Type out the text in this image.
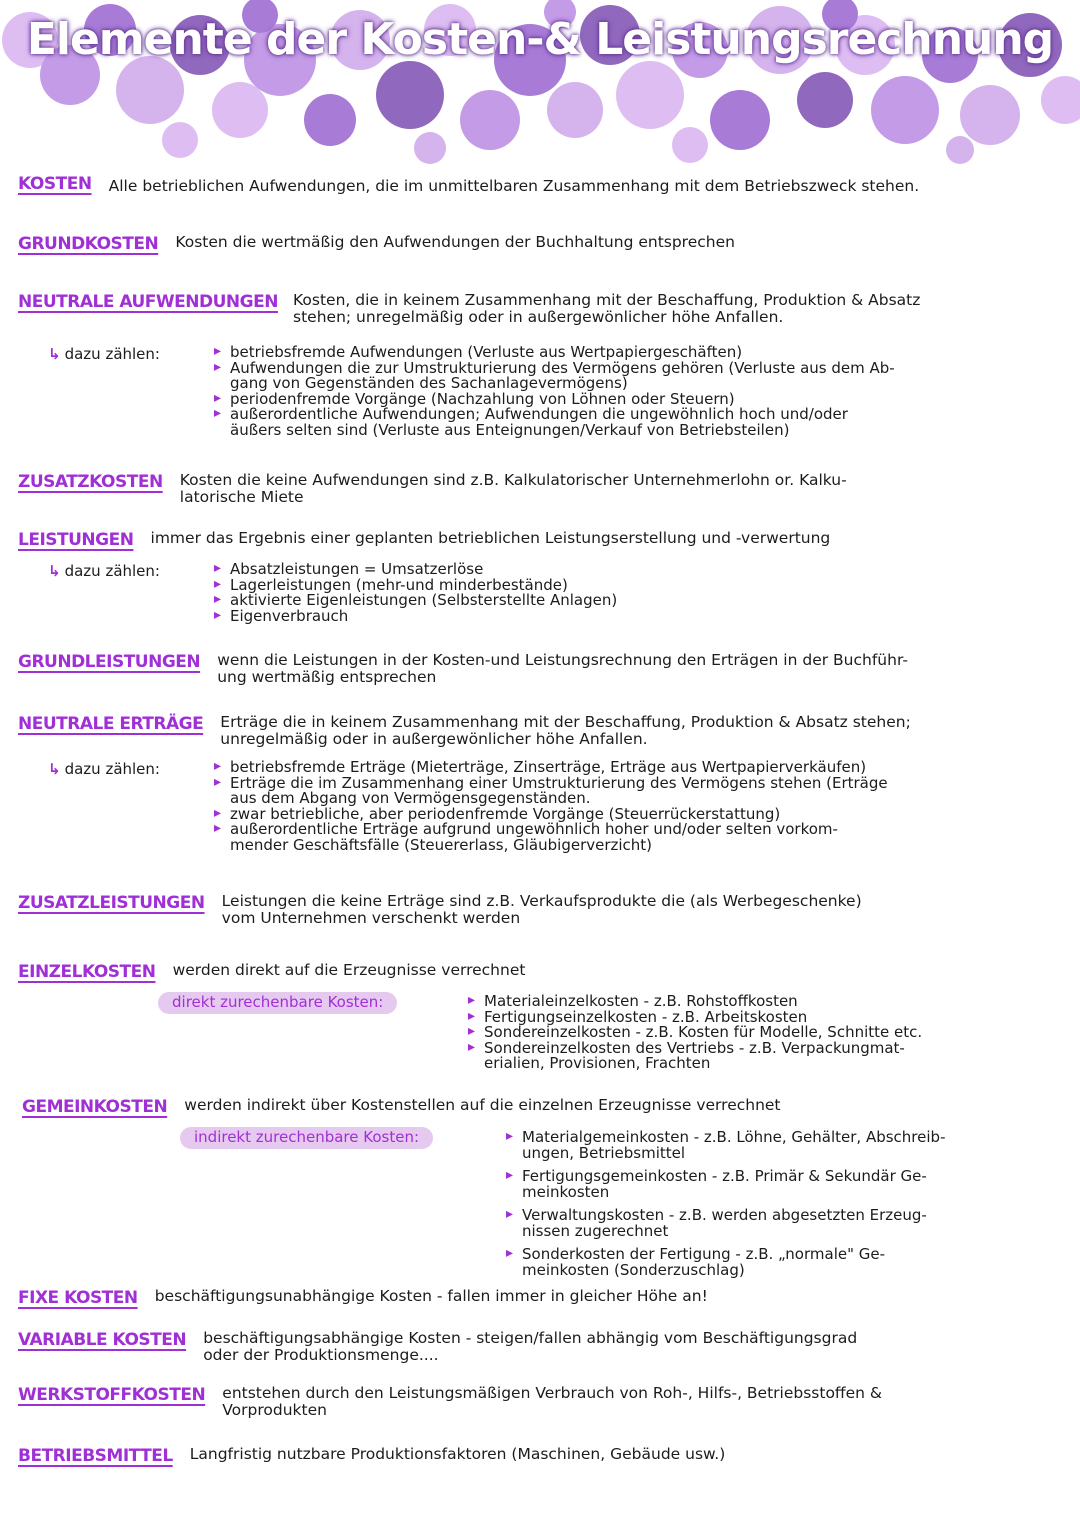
Elemente der Kosten-& Leistungsrechnung
KOSTEN Alle betrieblichen Aufwendungen, die im unmittelbaren Zusammenhang mit dem Betriebszweck stehen.
GRUNDKOSTEN Kosten die wertmäßig den Aufwendungen der Buchhaltung entsprechen
NEUTRALE AUFWENDUNGEN Kosten, die in keinem Zusammenhang mit der Beschaffung, Produktion & Absatz
stehen; unregelmäßig oder in außergewönlicher höhe Anfallen.
↳ dazu zählen:	▸ betriebsfremde Aufwendungen (Verluste aus Wertpapiergeschäften)
▸ Aufwendungen die zur Umstrukturierung des Vermögens gehören (Verluste aus dem Ab-
gang von Gegenständen des Sachanlagevermögens)
▸ periodenfremde Vorgänge (Nachzahlung von Löhnen oder Steuern)
▸ außerordentliche Aufwendungen; Aufwendungen die ungewöhnlich hoch und/oder
äußers selten sind (Verluste aus Enteignungen/Verkauf von Betriebsteilen)
ZUSATZKOSTEN Kosten die keine Aufwendungen sind z.B. Kalkulatorischer Unternehmerlohn or. Kalku-
latorische Miete
LEISTUNGEN immer das Ergebnis einer geplanten betrieblichen Leistungserstellung und -verwertung
↳ dazu zählen:	▸ Absatzleistungen = Umsatzerlöse
▸ Lagerleistungen (mehr-und minderbestände)
▸ aktivierte Eigenleistungen (Selbsterstellte Anlagen)
▸ Eigenverbrauch
GRUNDLEISTUNGEN wenn die Leistungen in der Kosten-und Leistungsrechnung den Erträgen in der Buchführ-
ung wertmäßig entsprechen
NEUTRALE ERTRÄGE Erträge die in keinem Zusammenhang mit der Beschaffung, Produktion & Absatz stehen;
unregelmäßig oder in außergewönlicher höhe Anfallen.
↳ dazu zählen:	▸ betriebsfremde Erträge (Mieterträge, Zinserträge, Erträge aus Wertpapierverkäufen)
▸ Erträge die im Zusammenhang einer Umstrukturierung des Vermögens stehen (Erträge
aus dem Abgang von Vermögensgegenständen.
▸ zwar betriebliche, aber periodenfremde Vorgänge (Steuerrückerstattung)
▸ außerordentliche Erträge aufgrund ungewöhnlich hoher und/oder selten vorkom-
mender Geschäftsfälle (Steuererlass, Gläubigerverzicht)
ZUSATZLEISTUNGEN Leistungen die keine Erträge sind z.B. Verkaufsprodukte die (als Werbegeschenke)
vom Unternehmen verschenkt werden
EINZELKOSTEN werden direkt auf die Erzeugnisse verrechnet
direkt zurechenbare Kosten:	▸ Materialeinzelkosten - z.B. Rohstoffkosten
▸ Fertigungseinzelkosten - z.B. Arbeitskosten
▸ Sondereinzelkosten - z.B. Kosten für Modelle, Schnitte etc.
▸ Sondereinzelkosten des Vertriebs - z.B. Verpackungmat-
erialien, Provisionen, Frachten
GEMEINKOSTEN werden indirekt über Kostenstellen auf die einzelnen Erzeugnisse verrechnet
indirekt zurechenbare Kosten:	▸ Materialgemeinkosten - z.B. Löhne, Gehälter, Abschreib-
ungen, Betriebsmittel
▸ Fertigungsgemeinkosten - z.B. Primär & Sekundär Ge-
meinkosten
▸ Verwaltungskosten - z.B. werden abgesetzten Erzeug-
nissen zugerechnet
▸ Sonderkosten der Fertigung - z.B. „normale" Ge-
meinkosten (Sonderzuschlag)
FIXE KOSTEN beschäftigungsunabhängige Kosten - fallen immer in gleicher Höhe an!
VARIABLE KOSTEN beschäftigungsabhängige Kosten - steigen/fallen abhängig vom Beschäftigungsgrad
oder der Produktionsmenge....
WERKSTOFFKOSTEN entstehen durch den Leistungsmäßigen Verbrauch von Roh-, Hilfs-, Betriebsstoffen &
Vorprodukten
BETRIEBSMITTEL Langfristig nutzbare Produktionsfaktoren (Maschinen, Gebäude usw.)
